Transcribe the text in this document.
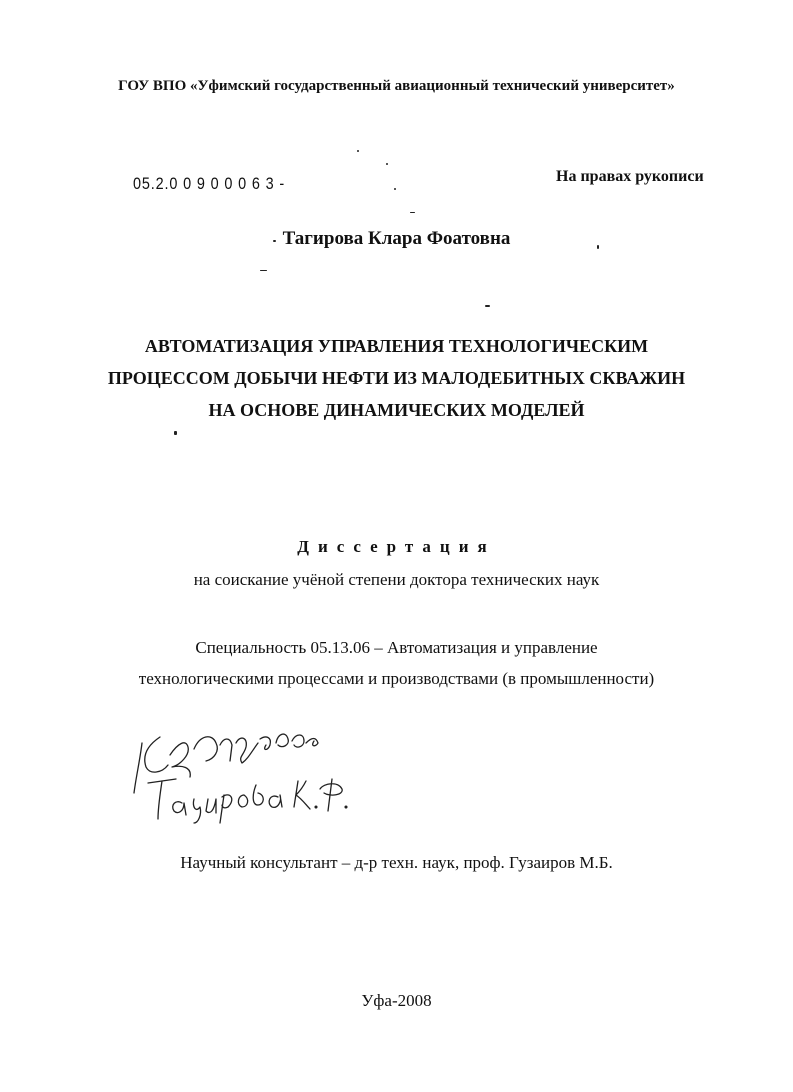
ГОУ ВПО «Уфимский государственный авиационный технический университет»
05.2.0 0 9 0 0 0 6 3 -	На правах рукописи
Тагирова Клара Фоатовна
АВТОМАТИЗАЦИЯ УПРАВЛЕНИЯ ТЕХНОЛОГИЧЕСКИМ
ПРОЦЕССОМ ДОБЫЧИ НЕФТИ ИЗ МАЛОДЕБИТНЫХ СКВАЖИН
НА ОСНОВЕ ДИНАМИЧЕСКИХ МОДЕЛЕЙ
Диссертация
на соискание учёной степени доктора технических наук
Специальность 05.13.06 – Автоматизация и управление
технологическими процессами и производствами (в промышленности)
Научный консультант – д-р техн. наук, проф. Гузаиров М.Б.
Уфа-2008
